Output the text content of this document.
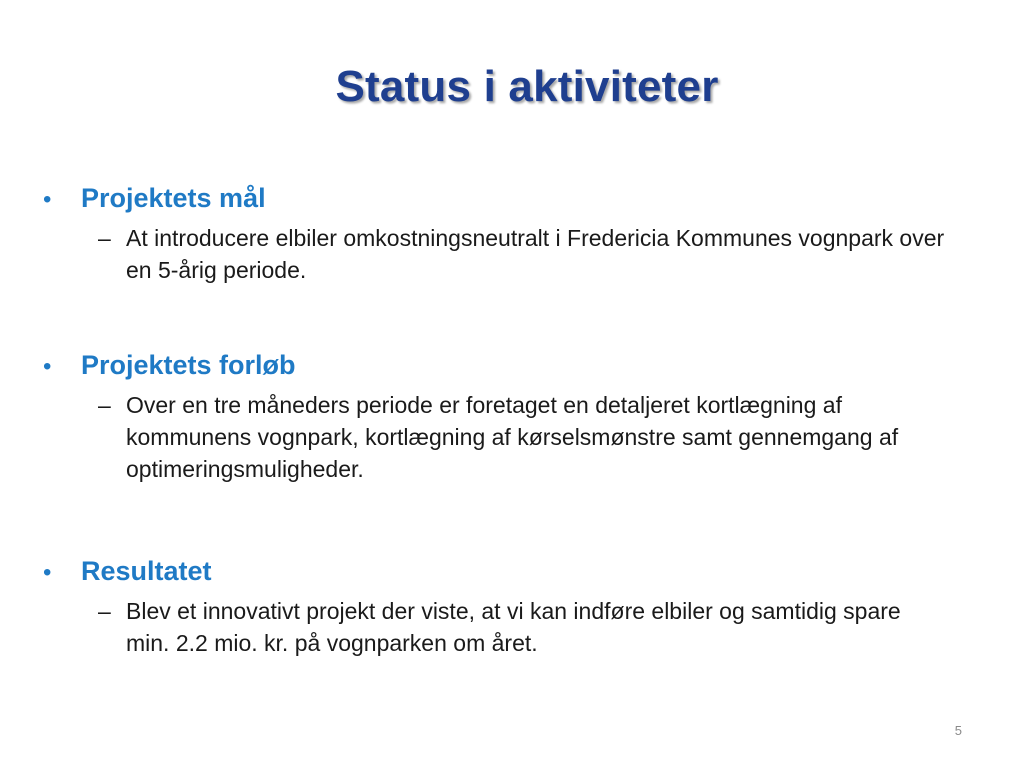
Status i aktiviteter
•	Projektets mål
– At introducere elbiler omkostningsneutralt i Fredericia Kommunes vognpark over en 5-årig periode.
•	Projektets forløb
– Over en tre måneders periode er foretaget en detaljeret kortlægning af kommunens vognpark, kortlægning af kørselsmønstre samt gennemgang af optimeringsmuligheder.
•	Resultatet
– Blev et innovativt projekt der viste, at vi kan indføre elbiler og samtidig spare min. 2.2 mio. kr. på vognparken om året.
5
